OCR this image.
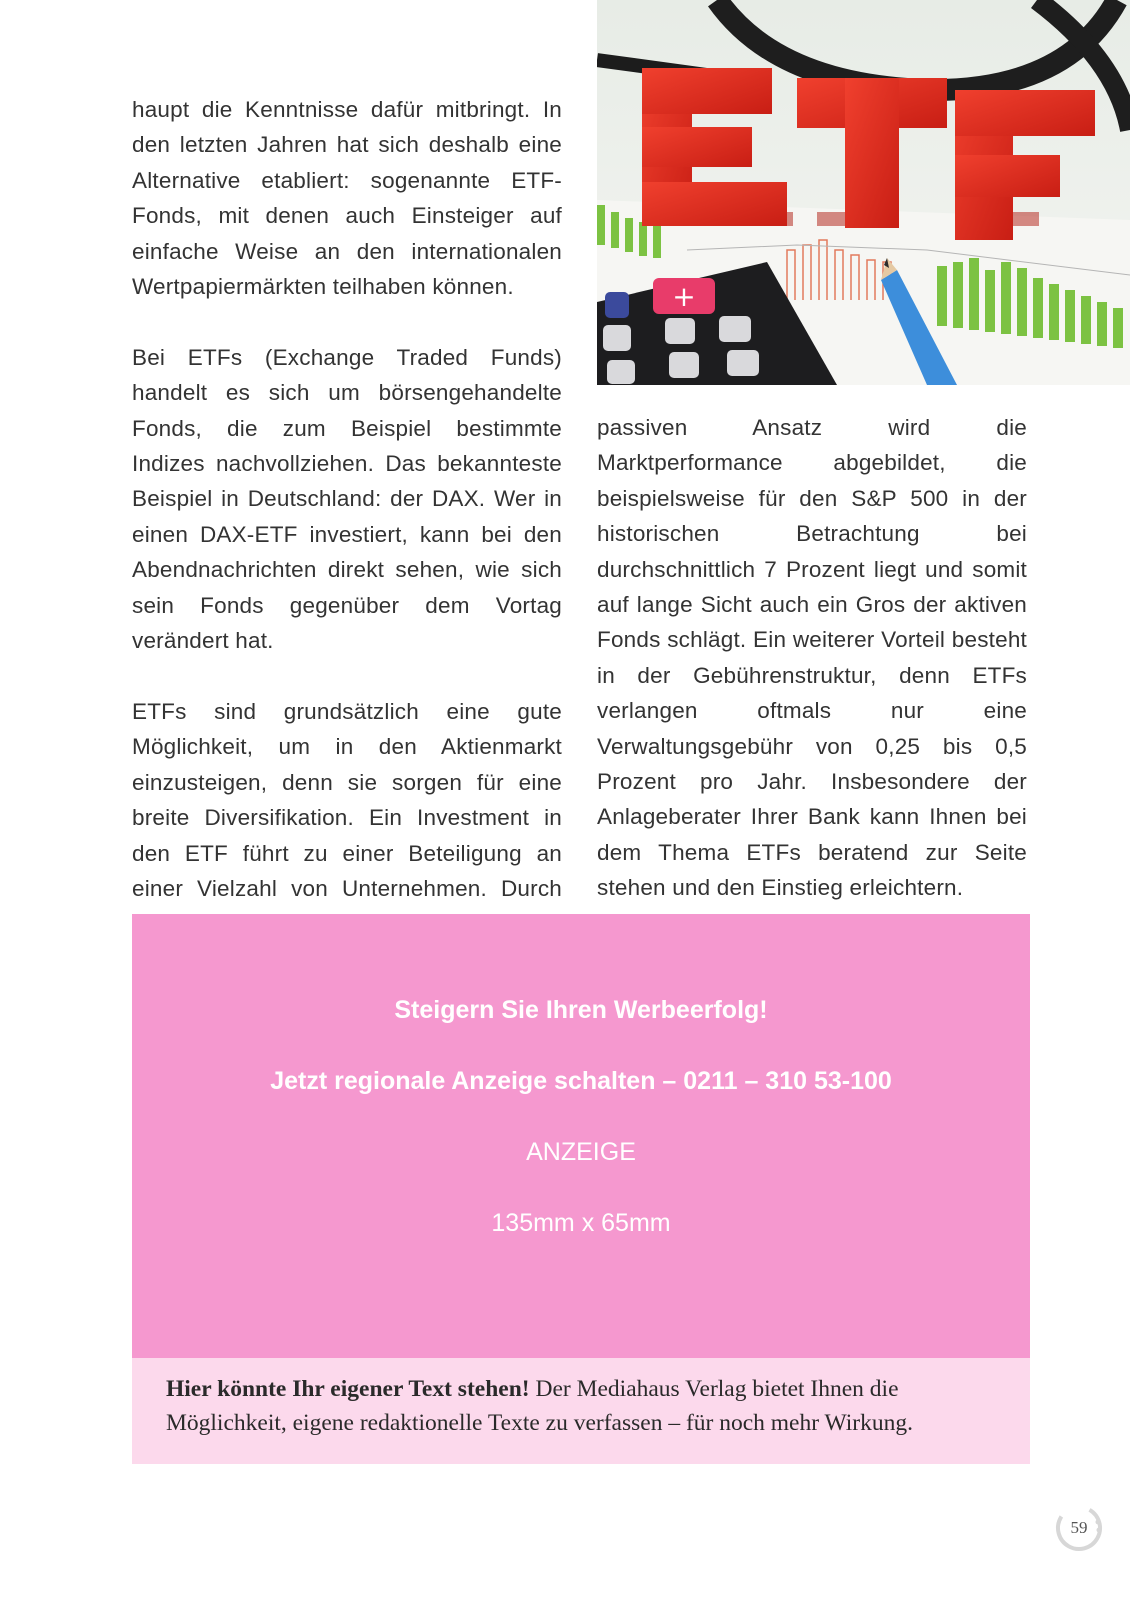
haupt die Kenntnisse dafür mitbringt. In den letzten Jahren hat sich deshalb eine Alternative etabliert: sogenannte ETF-Fonds, mit denen auch Einsteiger auf einfache Weise an den internationalen Wertpapiermärkten teilhaben können.

Bei ETFs (Exchange Traded Funds) handelt es sich um börsengehandelte Fonds, die zum Beispiel bestimmte Indizes nachvollziehen. Das bekannteste Beispiel in Deutschland: der DAX. Wer in einen DAX-ETF investiert, kann bei den Abendnachrichten direkt sehen, wie sich sein Fonds gegenüber dem Vortag verändert hat.

ETFs sind grundsätzlich eine gute Möglichkeit, um in den Aktienmarkt einzusteigen, denn sie sorgen für eine breite Diversifikation. Ein Investment in den ETF führt zu einer Beteiligung an einer Vielzahl von Unternehmen. Durch

+

passiven Ansatz wird die Marktperformance abgebildet, die beispielsweise für den S&P 500 in der historischen Betrachtung bei durchschnittlich 7 Prozent liegt und somit auf lange Sicht auch ein Gros der aktiven Fonds schlägt. Ein weiterer Vorteil besteht in der Gebührenstruktur, denn ETFs verlangen oftmals nur eine Verwaltungsgebühr von 0,25 bis 0,5 Prozent pro Jahr. Insbesondere der Anlageberater Ihrer Bank kann Ihnen bei dem Thema ETFs beratend zur Seite stehen und den Einstieg erleichtern.

Steigern Sie Ihren Werbeerfolg!
Jetzt regionale Anzeige schalten – 0211 – 310 53-100
ANZEIGE
135mm x 65mm

Hier könnte Ihr eigener Text stehen! Der Mediahaus Verlag bietet Ihnen die Möglichkeit, eigene redaktionelle Texte zu verfassen – für noch mehr Wirkung.

59
